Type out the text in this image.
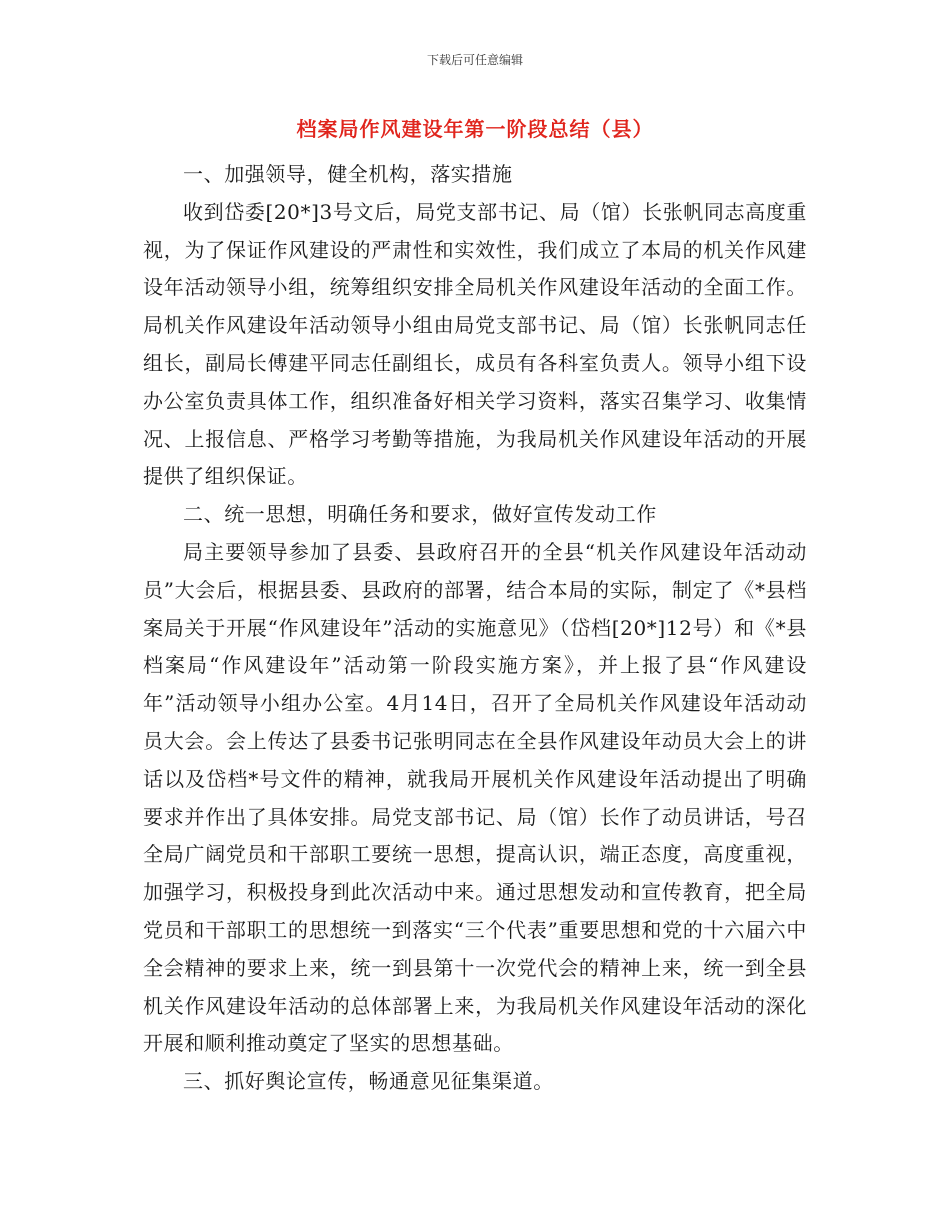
下载后可任意编辑
档案局作风建设年第一阶段总结（县）

一、加强领导，健全机构，落实措施

收到岱委[20*]3号文后，局党支部书记、局（馆）长张帆同志高度重视，为了保证作风建设的严肃性和实效性，我们成立了本局的机关作风建设年活动领导小组，统筹组织安排全局机关作风建设年活动的全面工作。局机关作风建设年活动领导小组由局党支部书记、局（馆）长张帆同志任组长，副局长傅建平同志任副组长，成员有各科室负责人。领导小组下设办公室负责具体工作，组织准备好相关学习资料，落实召集学习、收集情况、上报信息、严格学习考勤等措施，为我局机关作风建设年活动的开展提供了组织保证。

二、统一思想，明确任务和要求，做好宣传发动工作

局主要领导参加了县委、县政府召开的全县“机关作风建设年活动动员”大会后，根据县委、县政府的部署，结合本局的实际，制定了《*县档案局关于开展“作风建设年”活动的实施意见》（岱档[20*]12号）和《*县档案局“作风建设年”活动第一阶段实施方案》，并上报了县“作风建设年”活动领导小组办公室。4月14日，召开了全局机关作风建设年活动动员大会。会上传达了县委书记张明同志在全县作风建设年动员大会上的讲话以及岱档*号文件的精神，就我局开展机关作风建设年活动提出了明确要求并作出了具体安排。局党支部书记、局（馆）长作了动员讲话，号召全局广阔党员和干部职工要统一思想，提高认识，端正态度，高度重视，加强学习，积极投身到此次活动中来。通过思想发动和宣传教育，把全局党员和干部职工的思想统一到落实“三个代表”重要思想和党的十六届六中全会精神的要求上来，统一到县第十一次党代会的精神上来，统一到全县机关作风建设年活动的总体部署上来，为我局机关作风建设年活动的深化开展和顺利推动奠定了坚实的思想基础。

三、抓好舆论宣传，畅通意见征集渠道。
